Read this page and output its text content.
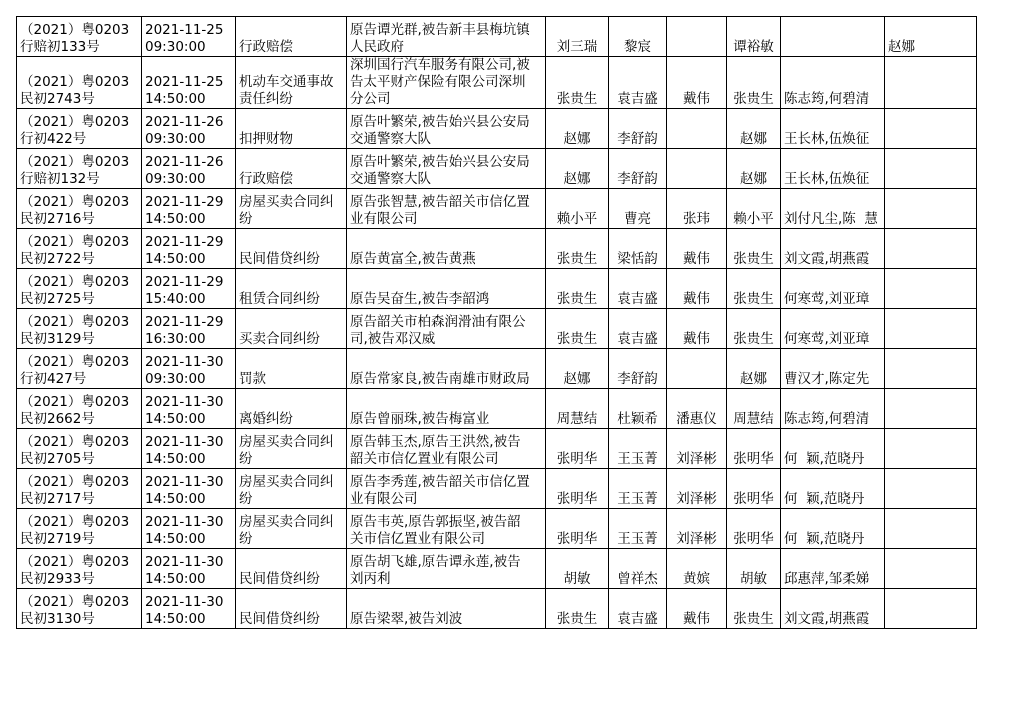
（2021）粤0203
行赔初133号	2021-11-25
09:30:00	行政赔偿	原告谭光群,被告新丰县梅坑镇
人民政府	刘三瑞	黎宸		谭裕敏		赵娜
（2021）粤0203
民初2743号	2021-11-25
14:50:00	机动车交通事故
责任纠纷	深圳国行汽车服务有限公司,被
告太平财产保险有限公司深圳
分公司	张贵生	袁吉盛	戴伟	张贵生	陈志筠,何碧清	
（2021）粤0203
行初422号	2021-11-26
09:30:00	扣押财物	原告叶繁荣,被告始兴县公安局
交通警察大队	赵娜	李舒韵		赵娜	王长林,伍焕征	
（2021）粤0203
行赔初132号	2021-11-26
09:30:00	行政赔偿	原告叶繁荣,被告始兴县公安局
交通警察大队	赵娜	李舒韵		赵娜	王长林,伍焕征	
（2021）粤0203
民初2716号	2021-11-29
14:50:00	房屋买卖合同纠
纷	原告张智慧,被告韶关市信亿置
业有限公司	赖小平	曹亮	张玮	赖小平	刘付凡尘,陈  慧	
（2021）粤0203
民初2722号	2021-11-29
14:50:00	民间借贷纠纷	原告黄富全,被告黄燕	张贵生	梁恬韵	戴伟	张贵生	刘文霞,胡燕霞	
（2021）粤0203
民初2725号	2021-11-29
15:40:00	租赁合同纠纷	原告吴奋生,被告李韶鸿	张贵生	袁吉盛	戴伟	张贵生	何寒莺,刘亚璋	
（2021）粤0203
民初3129号	2021-11-29
16:30:00	买卖合同纠纷	原告韶关市柏森润滑油有限公
司,被告邓汉威	张贵生	袁吉盛	戴伟	张贵生	何寒莺,刘亚璋	
（2021）粤0203
行初427号	2021-11-30
09:30:00	罚款	原告常家良,被告南雄市财政局	赵娜	李舒韵		赵娜	曹汉才,陈定先	
（2021）粤0203
民初2662号	2021-11-30
14:50:00	离婚纠纷	原告曾丽珠,被告梅富业	周慧结	杜颖希	潘惠仪	周慧结	陈志筠,何碧清	
（2021）粤0203
民初2705号	2021-11-30
14:50:00	房屋买卖合同纠
纷	原告韩玉杰,原告王洪然,被告
韶关市信亿置业有限公司	张明华	王玉菁	刘泽彬	张明华	何  颖,范晓丹	
（2021）粤0203
民初2717号	2021-11-30
14:50:00	房屋买卖合同纠
纷	原告李秀莲,被告韶关市信亿置
业有限公司	张明华	王玉菁	刘泽彬	张明华	何  颖,范晓丹	
（2021）粤0203
民初2719号	2021-11-30
14:50:00	房屋买卖合同纠
纷	原告韦英,原告郭振坚,被告韶
关市信亿置业有限公司	张明华	王玉菁	刘泽彬	张明华	何  颖,范晓丹	
（2021）粤0203
民初2933号	2021-11-30
14:50:00	民间借贷纠纷	原告胡飞雄,原告谭永莲,被告
刘丙利	胡敏	曾祥杰	黄嫔	胡敏	邱惠萍,邹柔娣	
（2021）粤0203
民初3130号	2021-11-30
14:50:00	民间借贷纠纷	原告梁翠,被告刘波	张贵生	袁吉盛	戴伟	张贵生	刘文霞,胡燕霞	
